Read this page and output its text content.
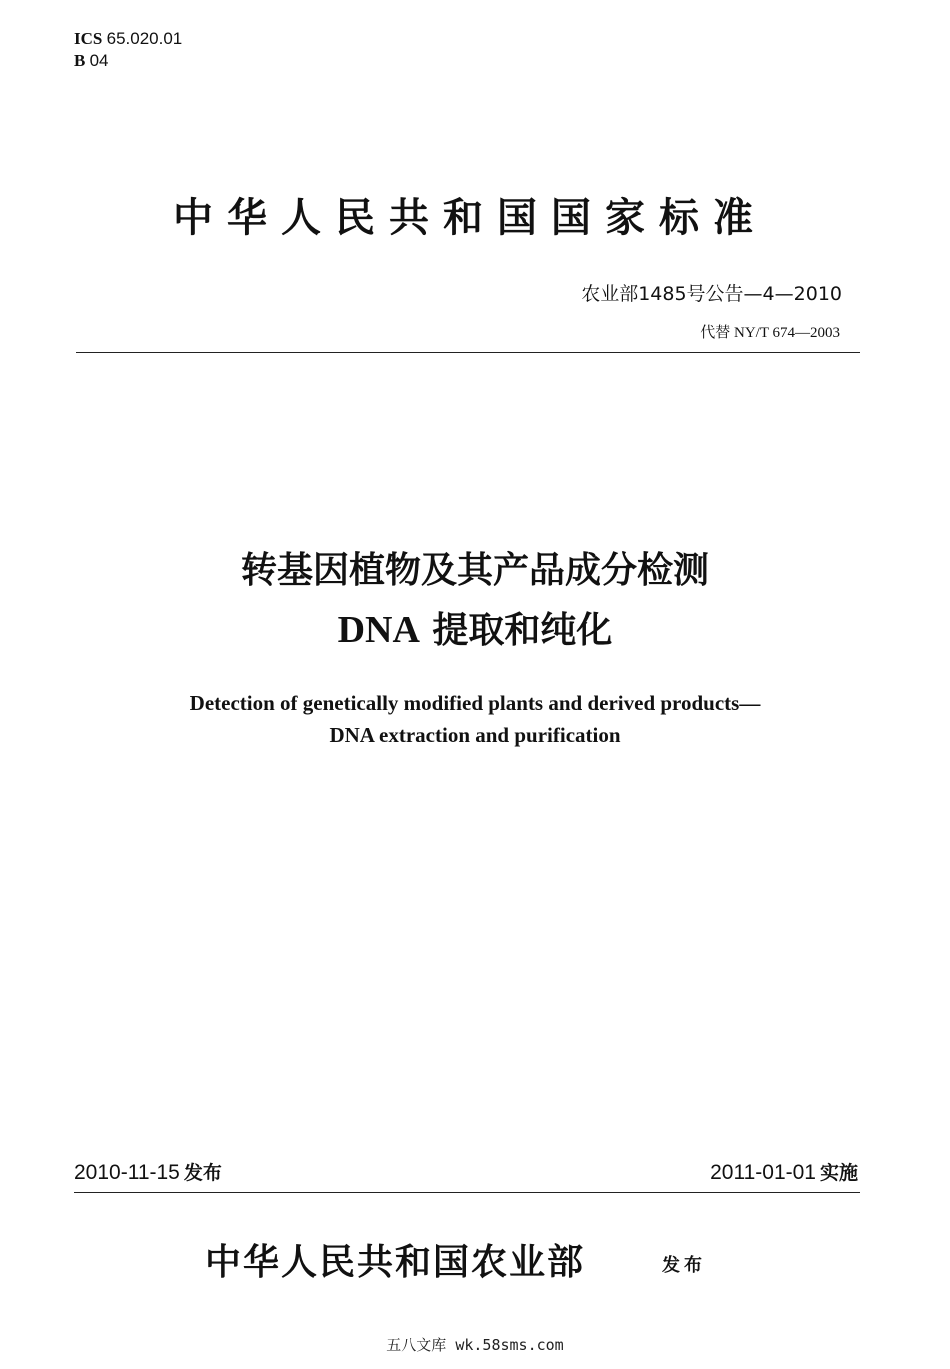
ICS 65.020.01
B 04
中华人民共和国国家标准
农业部1485号公告—4—2010
代替 NY/T 674—2003
转基因植物及其产品成分检测
DNA 提取和纯化
Detection of genetically modified plants and derived products—
DNA extraction and purification
2010-11-15 发布	2011-01-01 实施
中华人民共和国农业部	发布
五八文库 wk.58sms.com
